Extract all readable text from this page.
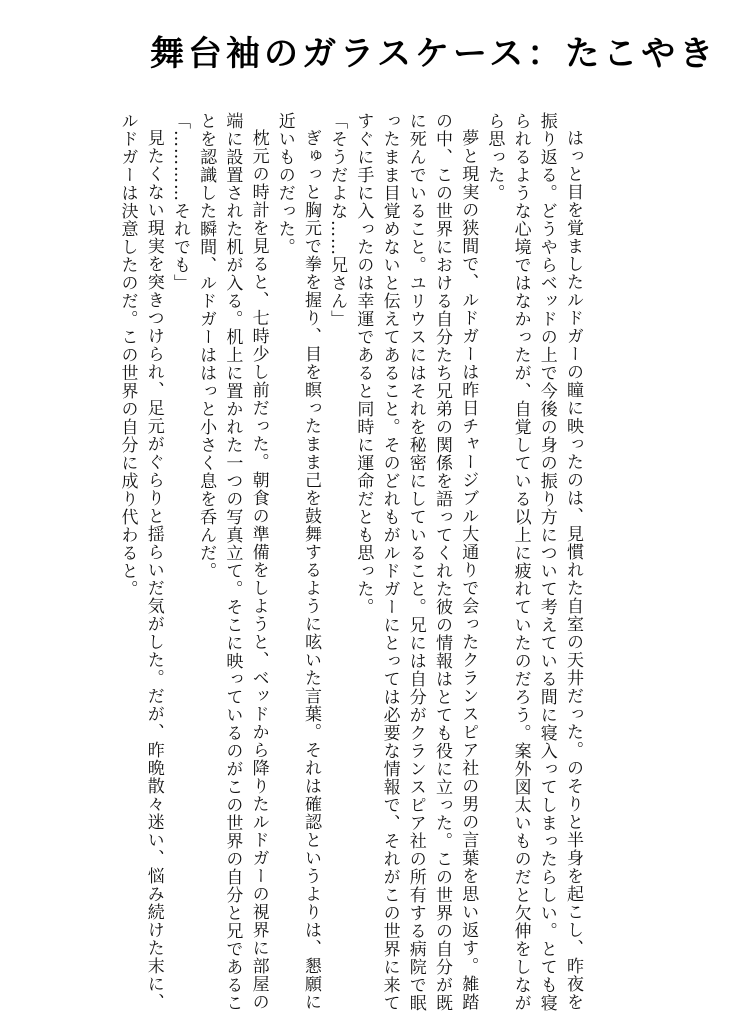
舞台袖のガラスケース：たこやき

はっと目を覚ましたルドガーの瞳に映ったのは、見慣れた自室の天井だった。のそりと半身を起こし、昨夜を振り返る。どうやらベッドの上で今後の身の振り方について考えている間に寝入ってしまったらしい。とても寝られるような心境ではなかったが、自覚している以上に疲れていたのだろう。案外図太いものだと欠伸をしながら思った。

夢と現実の狭間で、ルドガーは昨日チャージブル大通りで会ったクランスピア社の男の言葉を思い返す。雑踏の中、この世界における自分たち兄弟の関係を語ってくれた彼の情報はとても役に立った。この世界の自分が既に死んでいること。ユリウスにはそれを秘密にしていること。兄には自分がクランスピア社の所有する病院で眠ったまま目覚めないと伝えてあること。そのどれもがルドガーにとっては必要な情報で、それがこの世界に来てすぐに手に入ったのは幸運であると同時に運命だとも思った。

「そうだよな……兄さん」

ぎゅっと胸元で拳を握り、目を瞑ったまま己を鼓舞するように呟いた言葉。それは確認というよりは、懇願に近いものだった。

枕元の時計を見ると、七時少し前だった。朝食の準備をしようと、ベッドから降りたルドガーの視界に部屋の端に設置された机が入る。机上に置かれた一つの写真立て。そこに映っているのがこの世界の自分と兄であることを認識した瞬間、ルドガーははっと小さく息を呑んだ。

「…………それでも」

見たくない現実を突きつけられ、足元がぐらりと揺らいだ気がした。だが、昨晩散々迷い、悩み続けた末に、ルドガーは決意したのだ。この世界の自分に成り代わると。
